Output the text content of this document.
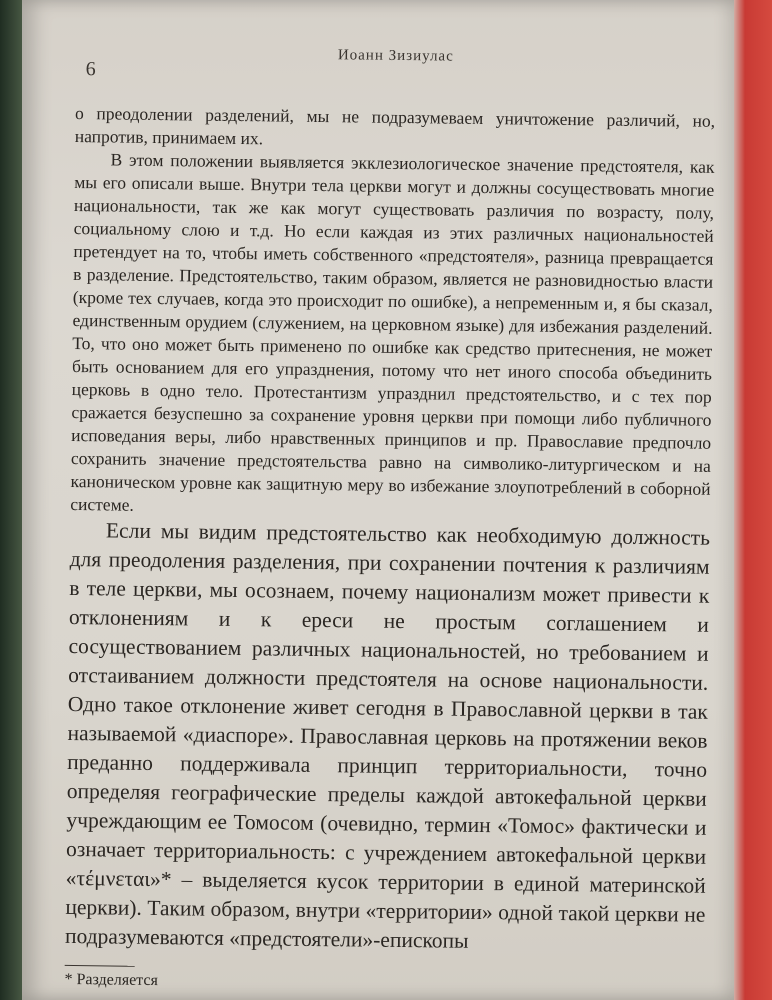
6
Иоанн Зизиулас

о преодолении разделений, мы не подразумеваем уничтожение различий, но, напротив, принимаем их.

В этом положении выявляется экклезиологическое значение предстоятеля, как мы его описали выше. Внутри тела церкви могут и должны сосуществовать многие национальности, так же как могут существовать различия по возрасту, полу, социальному слою и т.д. Но если каждая из этих различных национальностей претендует на то, чтобы иметь собственного «предстоятеля», разница превращается в разделение. Предстоятельство, таким образом, является не разновидностью власти (кроме тех случаев, когда это происходит по ошибке), а непременным и, я бы сказал, единственным орудием (служением, на церковном языке) для избежания разделений. То, что оно может быть применено по ошибке как средство притеснения, не может быть основанием для его упразднения, потому что нет иного способа объединить церковь в одно тело. Протестантизм упразднил предстоятельство, и с тех пор сражается безуспешно за сохранение уровня церкви при помощи либо публичного исповедания веры, либо нравственных принципов и пр. Православие предпочло сохранить значение предстоятельства равно на символико-литургическом и на каноническом уровне как защитную меру во избежание злоупотреблений в соборной системе.

Если мы видим предстоятельство как необходимую должность для преодоления разделения, при сохранении почтения к различиям в теле церкви, мы осознаем, почему национализм может привести к отклонениям и к ереси не простым соглашением и сосуществованием различных национальностей, но требованием и отстаиванием должности предстоятеля на основе национальности. Одно такое отклонение живет сегодня в Православной церкви в так называемой «диаспоре». Православная церковь на протяжении веков преданно поддерживала принцип территориальности, точно определяя географические пределы каждой автокефальной церкви учреждающим ее Томосом (очевидно, термин «Томос» фактически и означает территориальность: с учреждением автокефальной церкви «τέμνεται»* – выделяется кусок территории в единой материнской церкви). Таким образом, внутри «территории» одной такой церкви не подразумеваются «предстоятели»-епископы

* Разделяется
